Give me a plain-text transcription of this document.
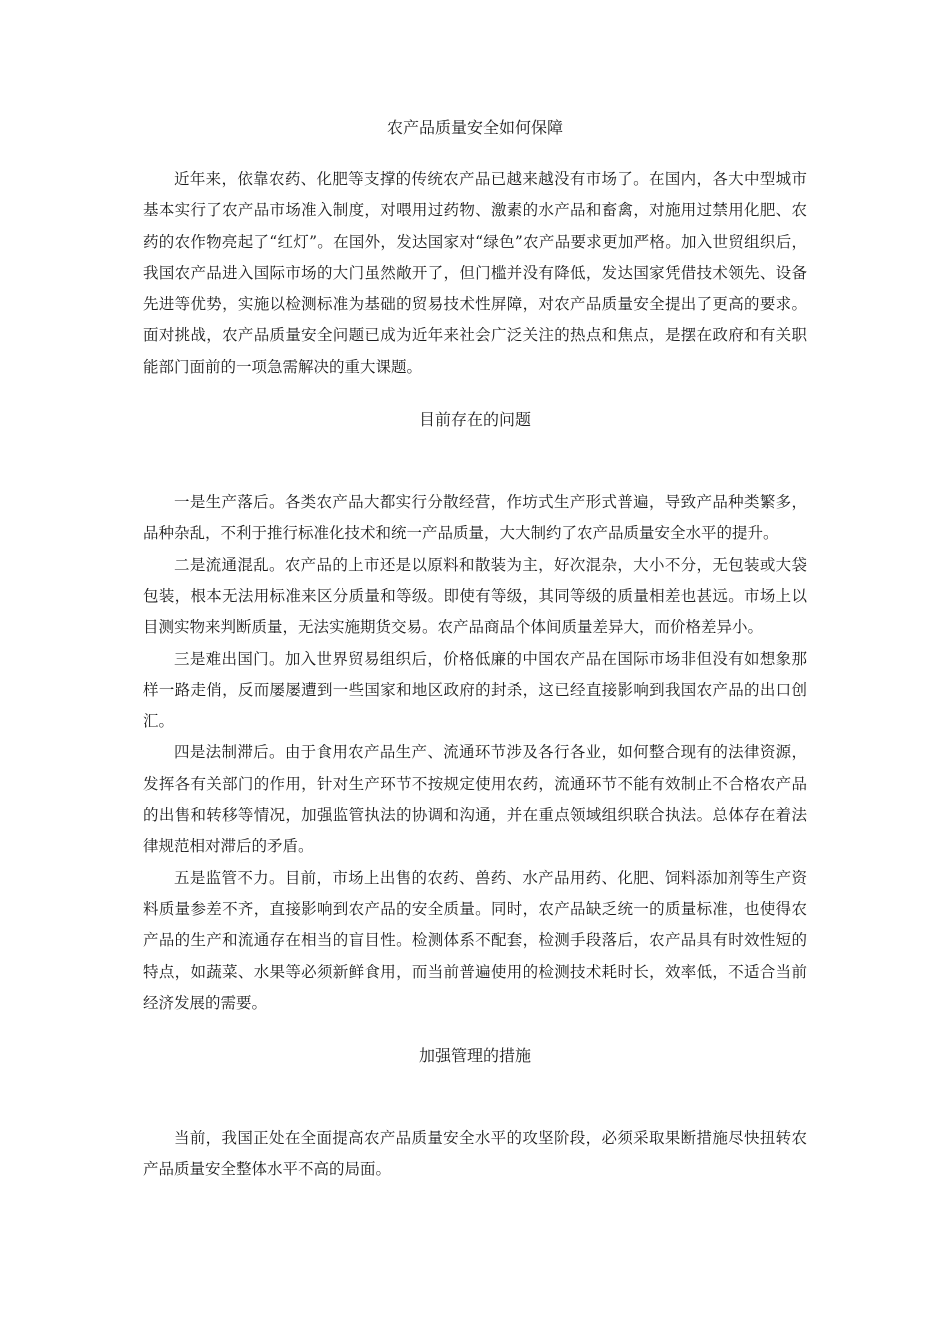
农产品质量安全如何保障

近年来，依靠农药、化肥等支撑的传统农产品已越来越没有市场了。在国内，各大中型城市基本实行了农产品市场准入制度，对喂用过药物、激素的水产品和畜禽，对施用过禁用化肥、农药的农作物亮起了“红灯”。在国外，发达国家对“绿色”农产品要求更加严格。加入世贸组织后，我国农产品进入国际市场的大门虽然敞开了，但门槛并没有降低，发达国家凭借技术领先、设备先进等优势，实施以检测标准为基础的贸易技术性屏障，对农产品质量安全提出了更高的要求。面对挑战，农产品质量安全问题已成为近年来社会广泛关注的热点和焦点，是摆在政府和有关职能部门面前的一项急需解决的重大课题。

目前存在的问题

一是生产落后。各类农产品大都实行分散经营，作坊式生产形式普遍，导致产品种类繁多，品种杂乱，不利于推行标准化技术和统一产品质量，大大制约了农产品质量安全水平的提升。

二是流通混乱。农产品的上市还是以原料和散装为主，好次混杂，大小不分，无包装或大袋包装，根本无法用标准来区分质量和等级。即使有等级，其同等级的质量相差也甚远。市场上以目测实物来判断质量，无法实施期货交易。农产品商品个体间质量差异大，而价格差异小。

三是难出国门。加入世界贸易组织后，价格低廉的中国农产品在国际市场非但没有如想象那样一路走俏，反而屡屡遭到一些国家和地区政府的封杀，这已经直接影响到我国农产品的出口创汇。

四是法制滞后。由于食用农产品生产、流通环节涉及各行各业，如何整合现有的法律资源，发挥各有关部门的作用，针对生产环节不按规定使用农药，流通环节不能有效制止不合格农产品的出售和转移等情况，加强监管执法的协调和沟通，并在重点领域组织联合执法。总体存在着法律规范相对滞后的矛盾。

五是监管不力。目前，市场上出售的农药、兽药、水产品用药、化肥、饲料添加剂等生产资料质量参差不齐，直接影响到农产品的安全质量。同时，农产品缺乏统一的质量标准，也使得农产品的生产和流通存在相当的盲目性。检测体系不配套，检测手段落后，农产品具有时效性短的特点，如蔬菜、水果等必须新鲜食用，而当前普遍使用的检测技术耗时长，效率低，不适合当前经济发展的需要。

加强管理的措施

当前，我国正处在全面提高农产品质量安全水平的攻坚阶段，必须采取果断措施尽快扭转农产品质量安全整体水平不高的局面。
